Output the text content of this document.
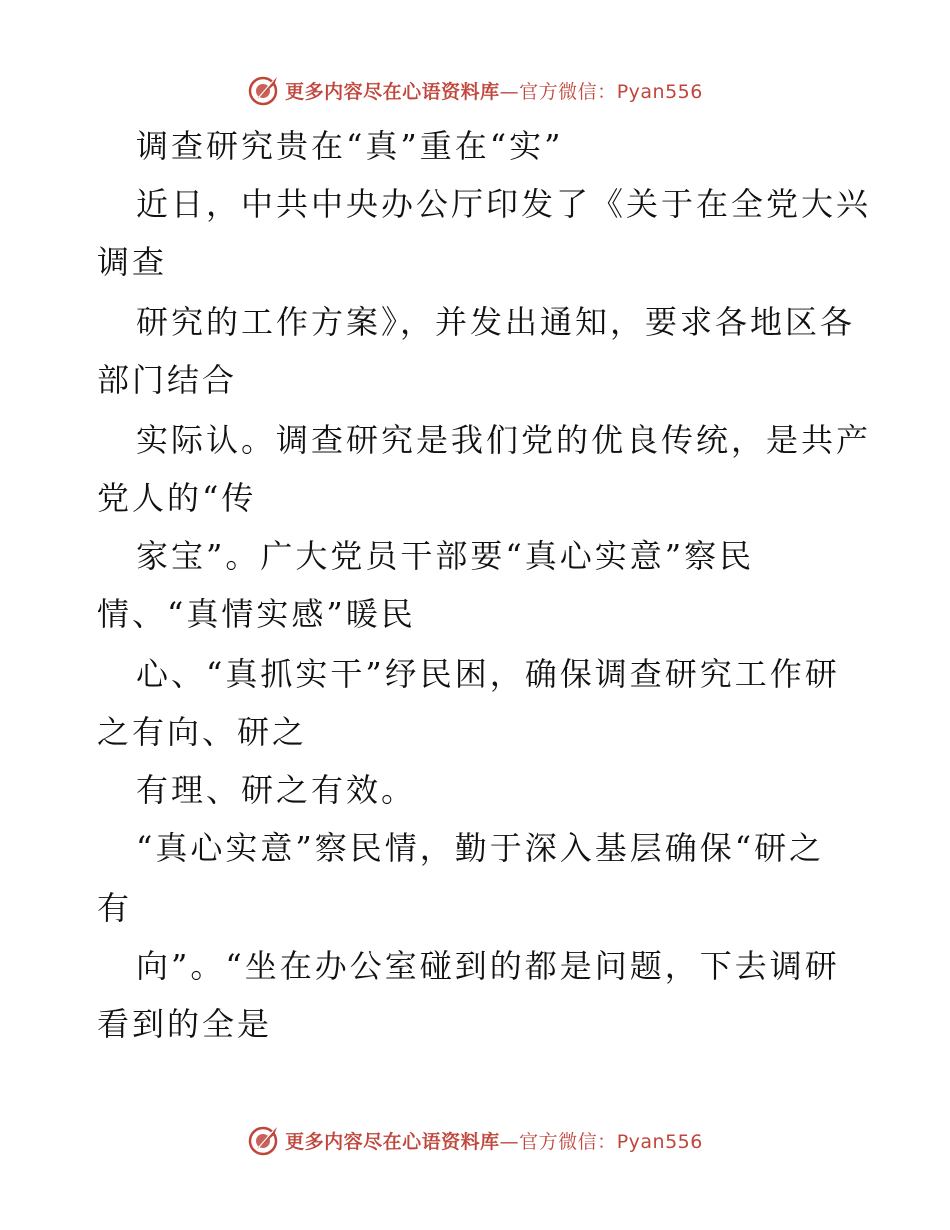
更多内容尽在心语资料库—官方微信：Pyan556
调查研究贵在“真”重在“实”
近日，中共中央办公厅印发了《关于在全党大兴
调查
研究的工作方案》，并发出通知，要求各地区各
部门结合
实际认。调查研究是我们党的优良传统，是共产
党人的“传
家宝”。广大党员干部要“真心实意”察民
情、“真情实感”暖民
心、“真抓实干”纾民困，确保调查研究工作研
之有向、研之
有理、研之有效。
“真心实意”察民情，勤于深入基层确保“研之
有
向”。“坐在办公室碰到的都是问题，下去调研
看到的全是
更多内容尽在心语资料库—官方微信：Pyan556
